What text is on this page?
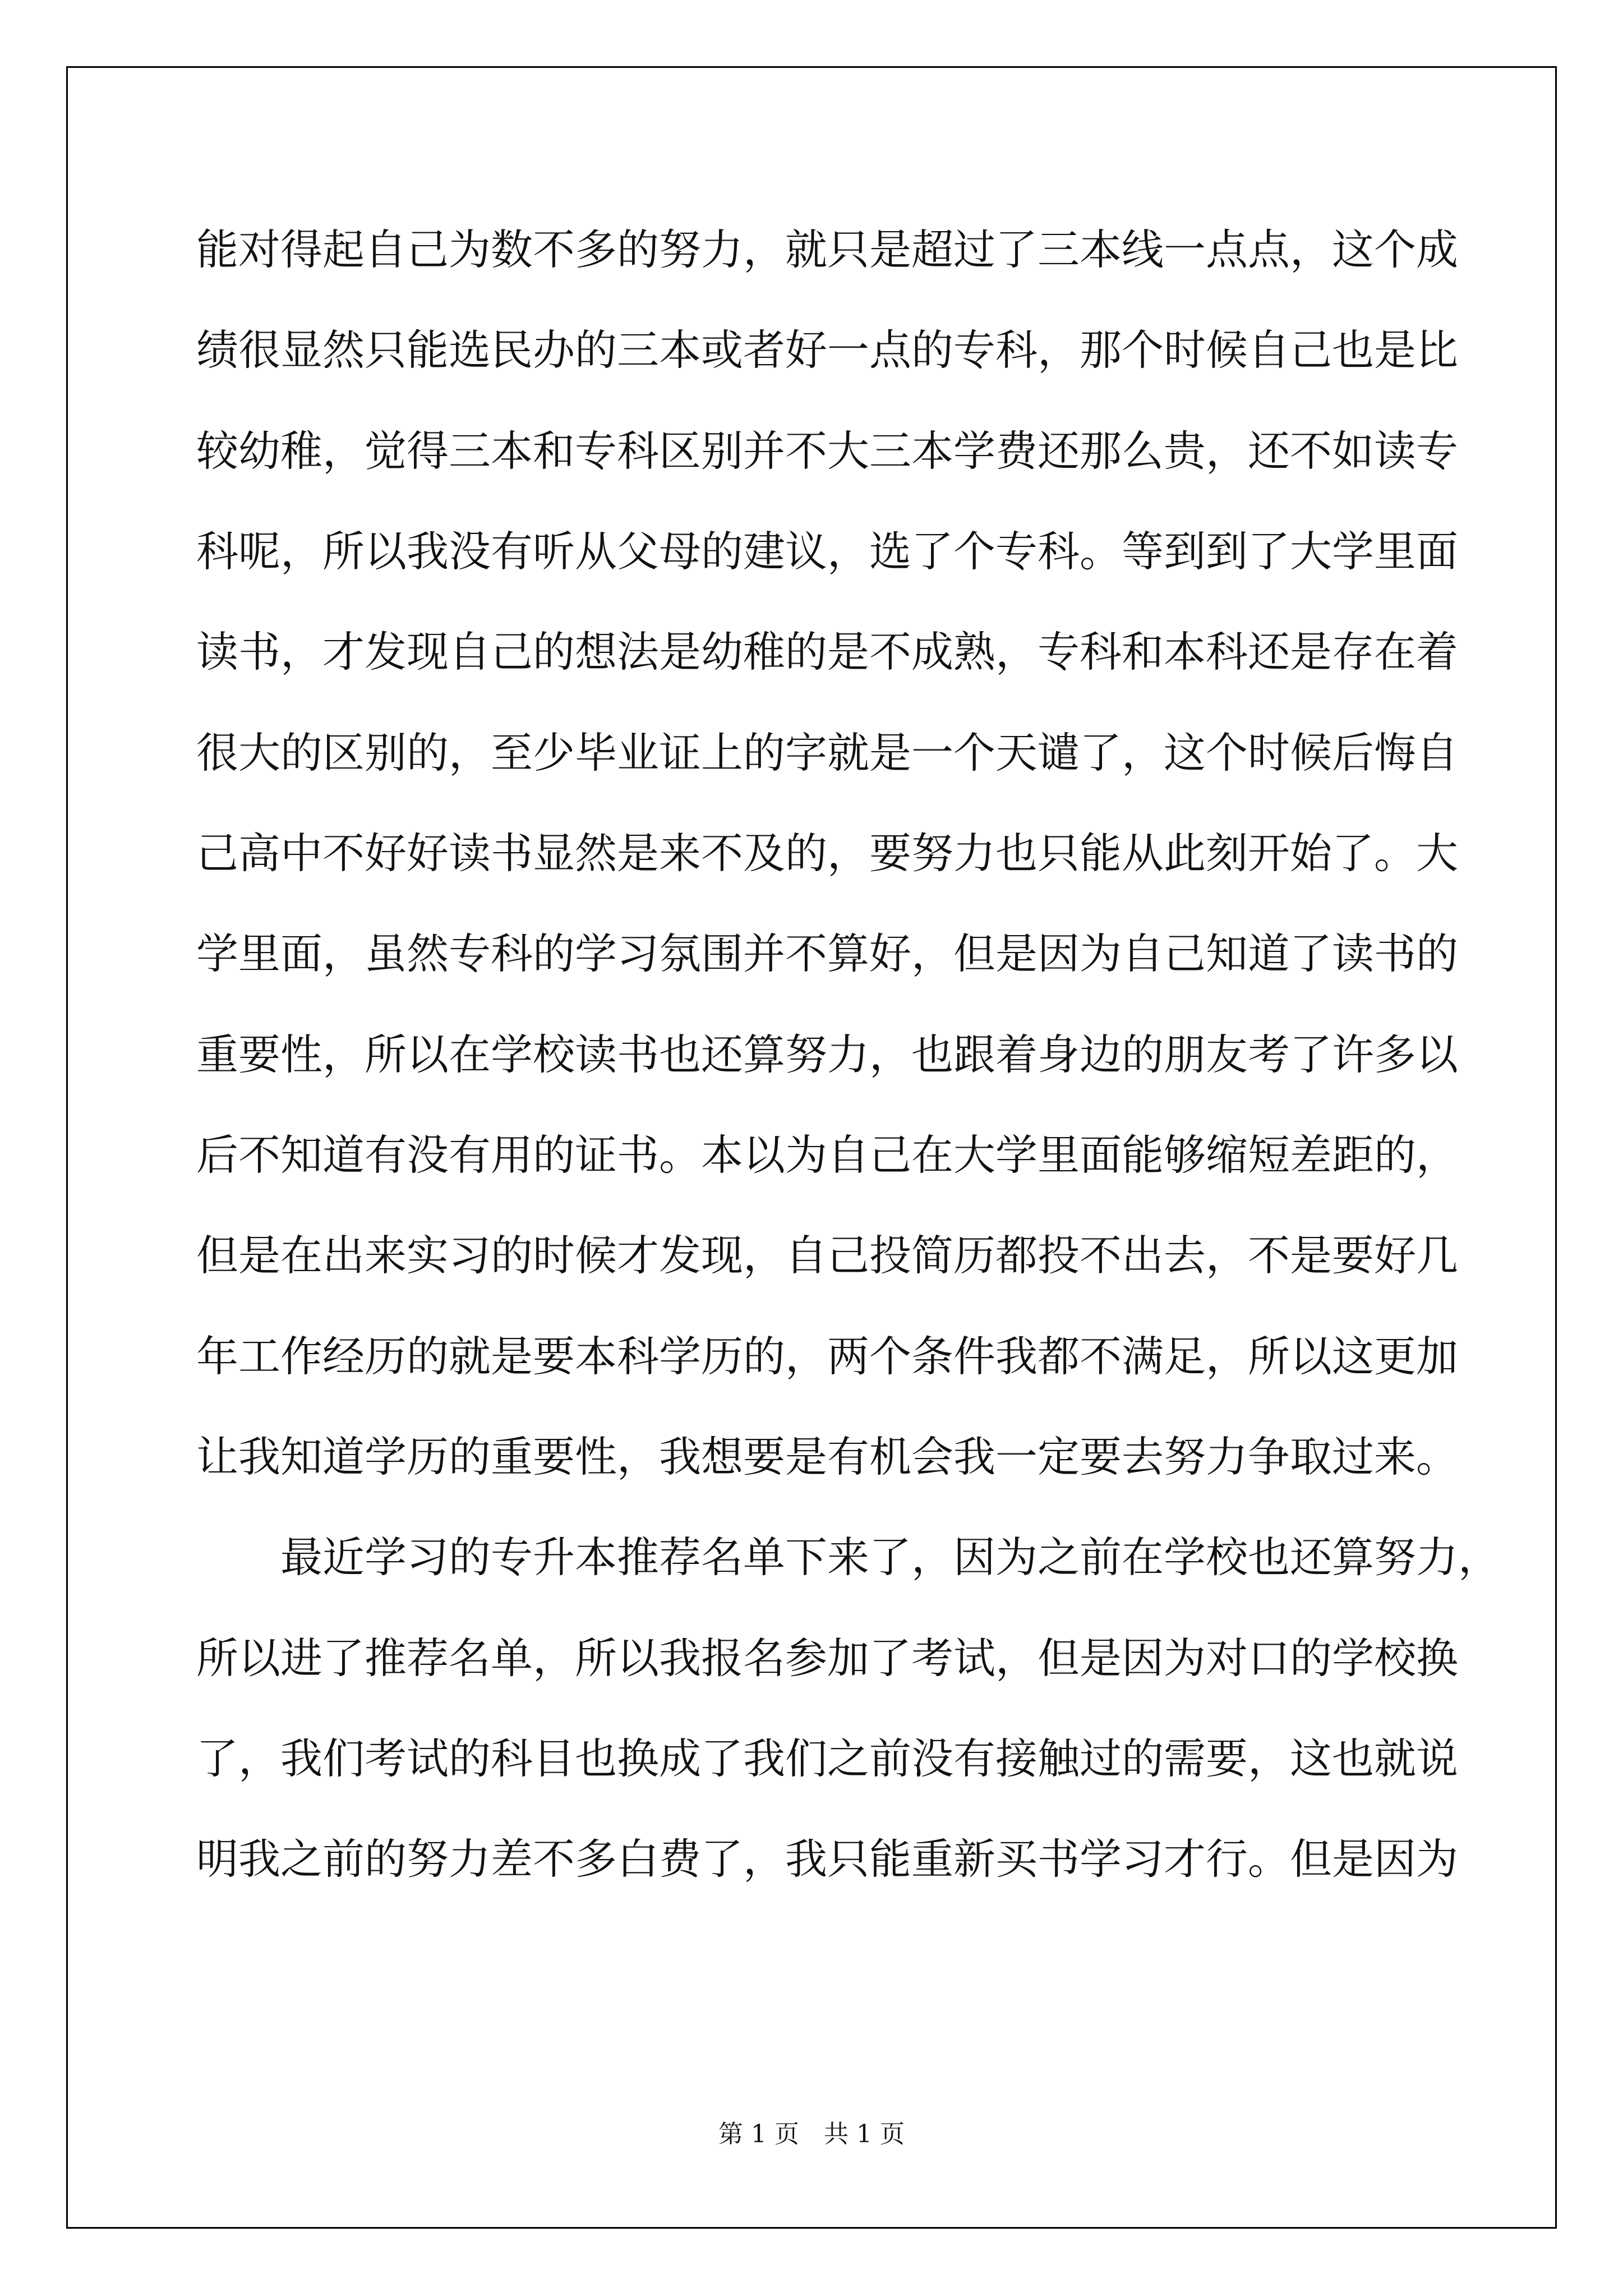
能对得起自己为数不多的努力，就只是超过了三本线一点点，这个成
绩很显然只能选民办的三本或者好一点的专科，那个时候自己也是比
较幼稚，觉得三本和专科区别并不大三本学费还那么贵，还不如读专
科呢，所以我没有听从父母的建议，选了个专科。等到到了大学里面
读书，才发现自己的想法是幼稚的是不成熟，专科和本科还是存在着
很大的区别的，至少毕业证上的字就是一个天谴了，这个时候后悔自
己高中不好好读书显然是来不及的，要努力也只能从此刻开始了。大
学里面，虽然专科的学习氛围并不算好，但是因为自己知道了读书的
重要性，所以在学校读书也还算努力，也跟着身边的朋友考了许多以
后不知道有没有用的证书。本以为自己在大学里面能够缩短差距的，
但是在出来实习的时候才发现，自己投简历都投不出去，不是要好几
年工作经历的就是要本科学历的，两个条件我都不满足，所以这更加
让我知道学历的重要性，我想要是有机会我一定要去努力争取过来。
最近学习的专升本推荐名单下来了，因为之前在学校也还算努力，
所以进了推荐名单，所以我报名参加了考试，但是因为对口的学校换
了，我们考试的科目也换成了我们之前没有接触过的需要，这也就说
明我之前的努力差不多白费了，我只能重新买书学习才行。但是因为
第 1 页　共 1 页
